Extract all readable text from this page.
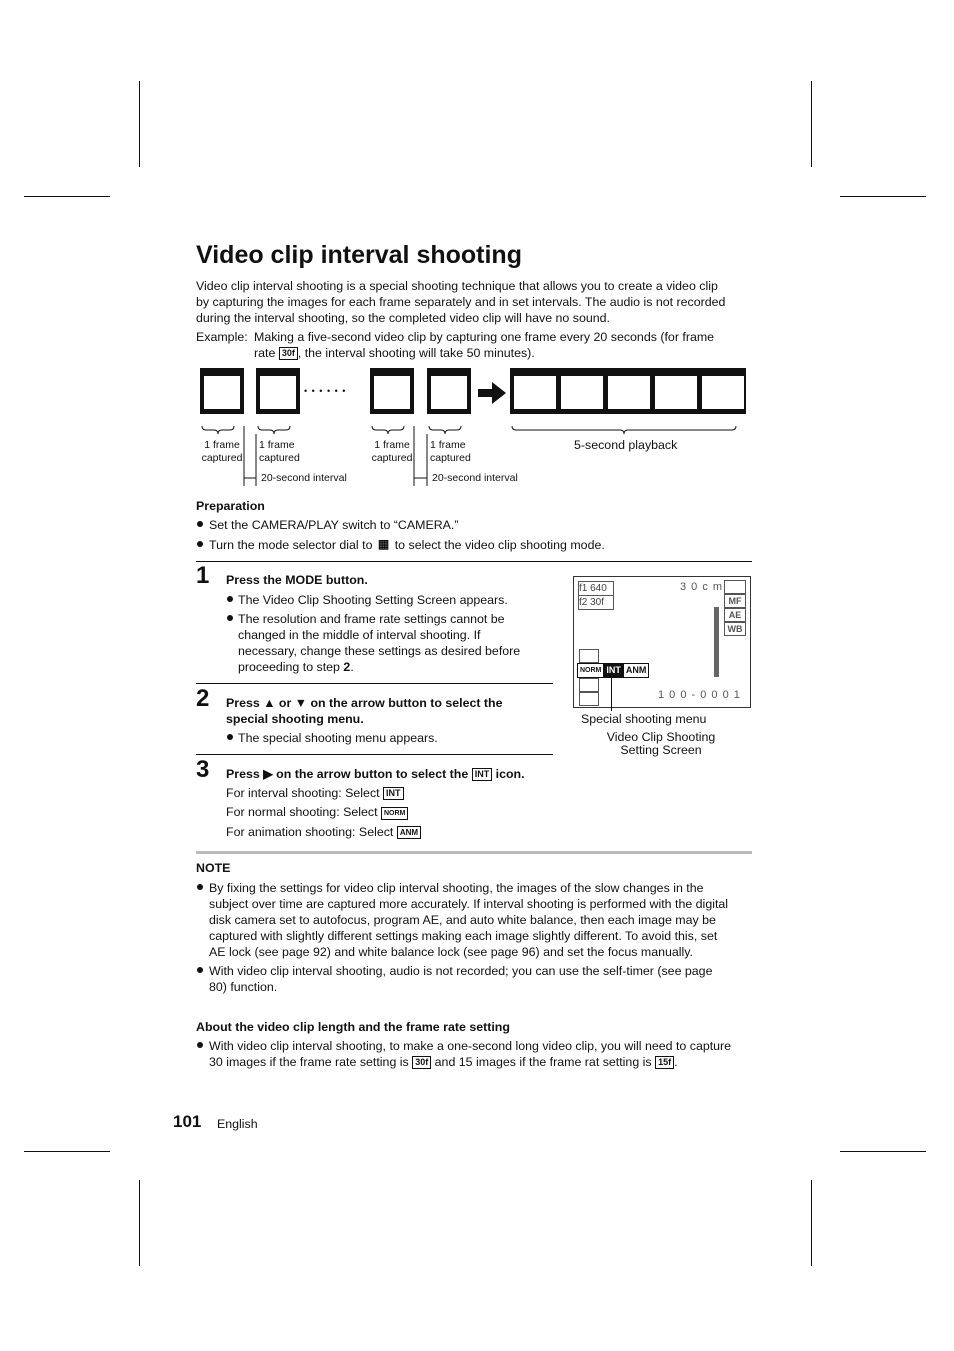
Video clip interval shooting
Video clip interval shooting is a special shooting technique that allows you to create a video clip
by capturing the images for each frame separately and in set intervals. The audio is not recorded
during the interval shooting, so the completed video clip will have no sound.
Example: Making a five-second video clip by capturing one frame every 20 seconds (for frame
rate 30f , the interval shooting will take 50 minutes).
• • • • • •
1 frame
captured
1 frame
captured
1 frame
captured
1 frame
captured
20-second interval	20-second interval
5-second playback
Preparation
Set the CAMERA/PLAY switch to “CAMERA.”
Turn the mode selector dial to ▦ to select the video clip shooting mode.
1 Press the MODE button.
The Video Clip Shooting Setting Screen appears.
The resolution and frame rate settings cannot be
changed in the middle of interval shooting. If
necessary, change these settings as desired before
proceeding to step 2.
2 Press ▲ or ▼ on the arrow button to select the
special shooting menu.
The special shooting menu appears.
3 Press ▶ on the arrow button to select the INT icon.
For interval shooting: Select INT
For normal shooting: Select NORM
For animation shooting: Select ANM
f1 640
f2 30f
3 0 c m
MF
AE
WB
NORM INT ANM
1 0 0 - 0 0 0 1
Special shooting menu
Video Clip Shooting
Setting Screen
NOTE
By fixing the settings for video clip interval shooting, the images of the slow changes in the
subject over time are captured more accurately. If interval shooting is performed with the digital
disk camera set to autofocus, program AE, and auto white balance, then each image may be
captured with slightly different settings making each image slightly different. To avoid this, set
AE lock (see page 92) and white balance lock (see page 96) and set the focus manually.
With video clip interval shooting, audio is not recorded; you can use the self-timer (see page
80) function.
About the video clip length and the frame rate setting
With video clip interval shooting, to make a one-second long video clip, you will need to capture
30 images if the frame rate setting is 30f and 15 images if the frame rat setting is 15f .
101 English
